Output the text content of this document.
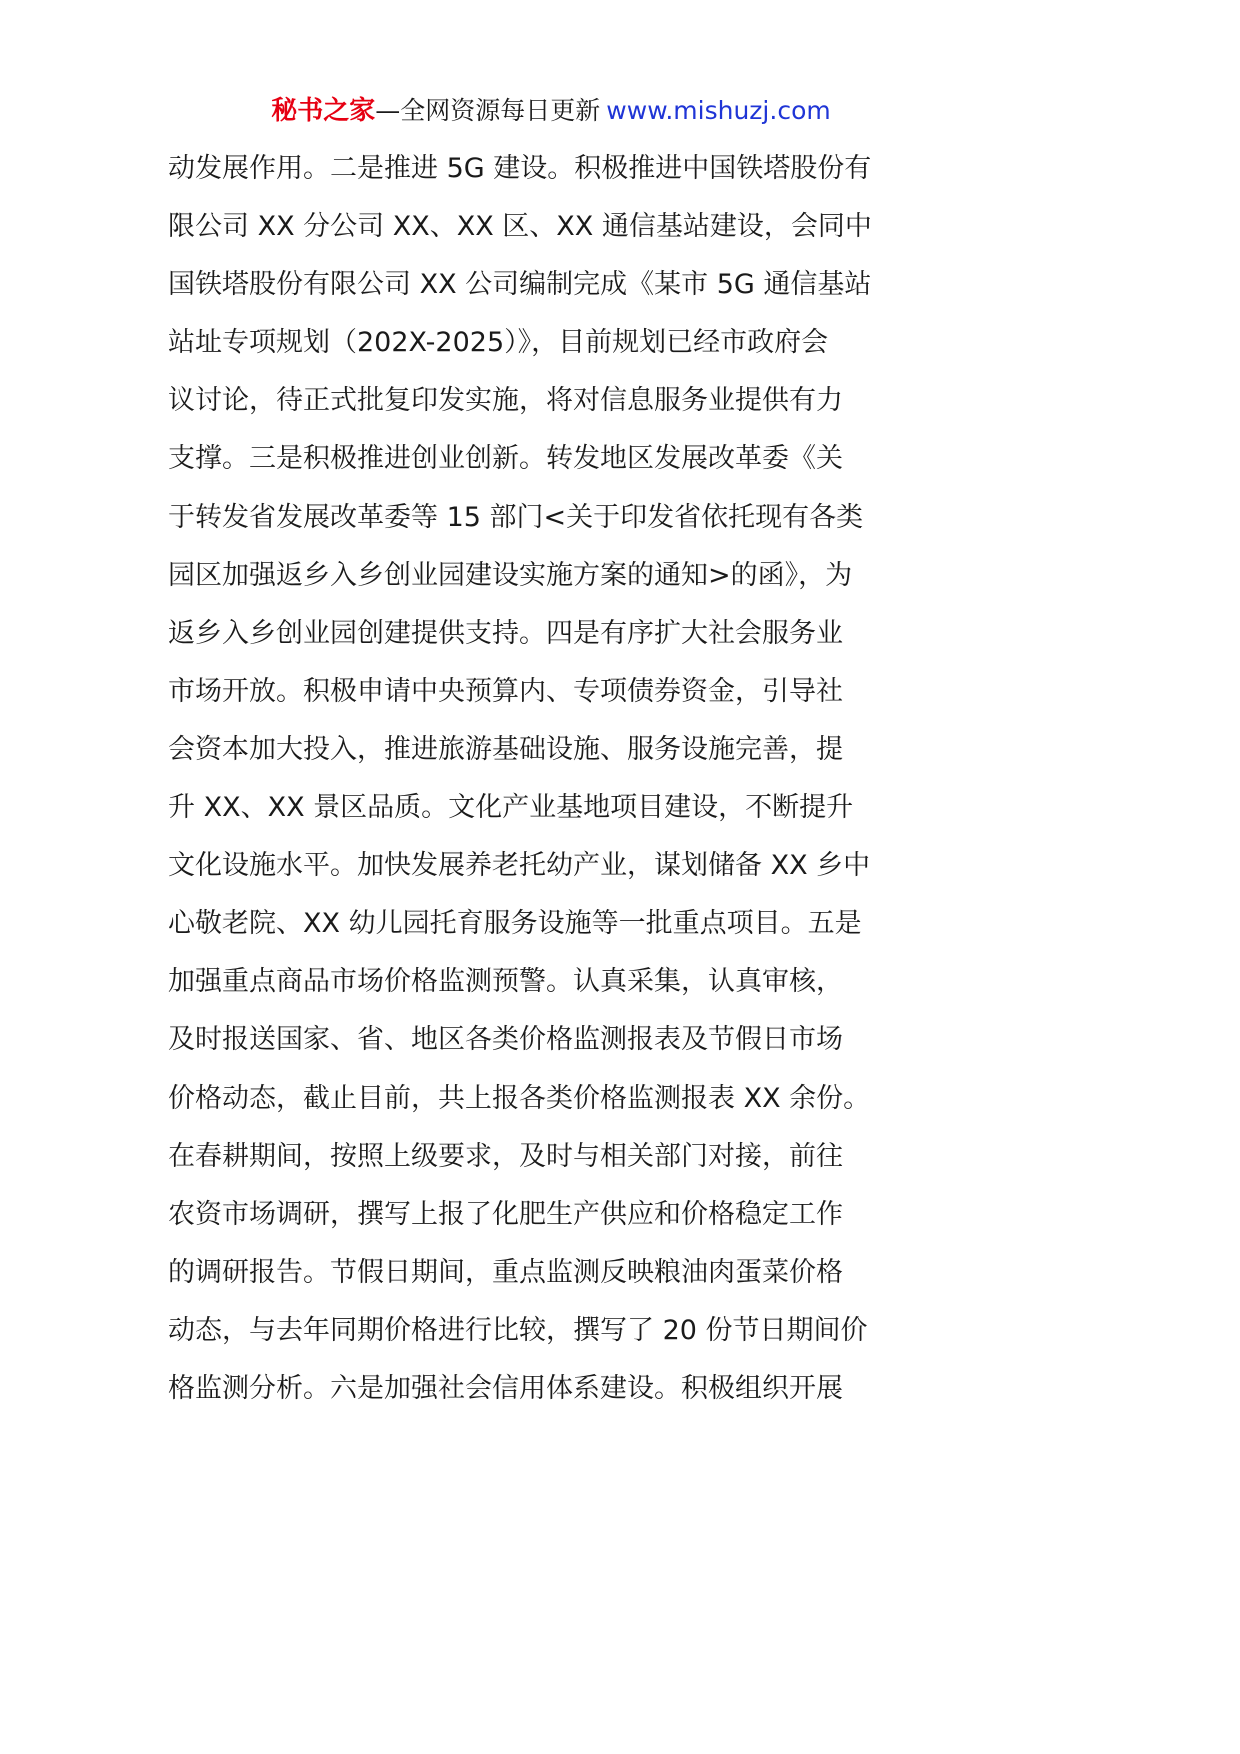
秘书之家—全网资源每日更新 www.mishuzj.com
动发展作用。二是推进 5G 建设。积极推进中国铁塔股份有
限公司 XX 分公司 XX、XX 区、XX 通信基站建设，会同中
国铁塔股份有限公司 XX 公司编制完成《某市 5G 通信基站
站址专项规划（202X-2025）》，目前规划已经市政府会
议讨论，待正式批复印发实施，将对信息服务业提供有力
支撑。三是积极推进创业创新。转发地区发展改革委《关
于转发省发展改革委等 15 部门<关于印发省依托现有各类
园区加强返乡入乡创业园建设实施方案的通知>的函》，为
返乡入乡创业园创建提供支持。四是有序扩大社会服务业
市场开放。积极申请中央预算内、专项债券资金，引导社
会资本加大投入，推进旅游基础设施、服务设施完善，提
升 XX、XX 景区品质。文化产业基地项目建设，不断提升
文化设施水平。加快发展养老托幼产业，谋划储备 XX 乡中
心敬老院、XX 幼儿园托育服务设施等一批重点项目。五是
加强重点商品市场价格监测预警。认真采集，认真审核，
及时报送国家、省、地区各类价格监测报表及节假日市场
价格动态，截止目前，共上报各类价格监测报表 XX 余份。
在春耕期间，按照上级要求，及时与相关部门对接，前往
农资市场调研，撰写上报了化肥生产供应和价格稳定工作
的调研报告。节假日期间，重点监测反映粮油肉蛋菜价格
动态，与去年同期价格进行比较，撰写了 20 份节日期间价
格监测分析。六是加强社会信用体系建设。积极组织开展
